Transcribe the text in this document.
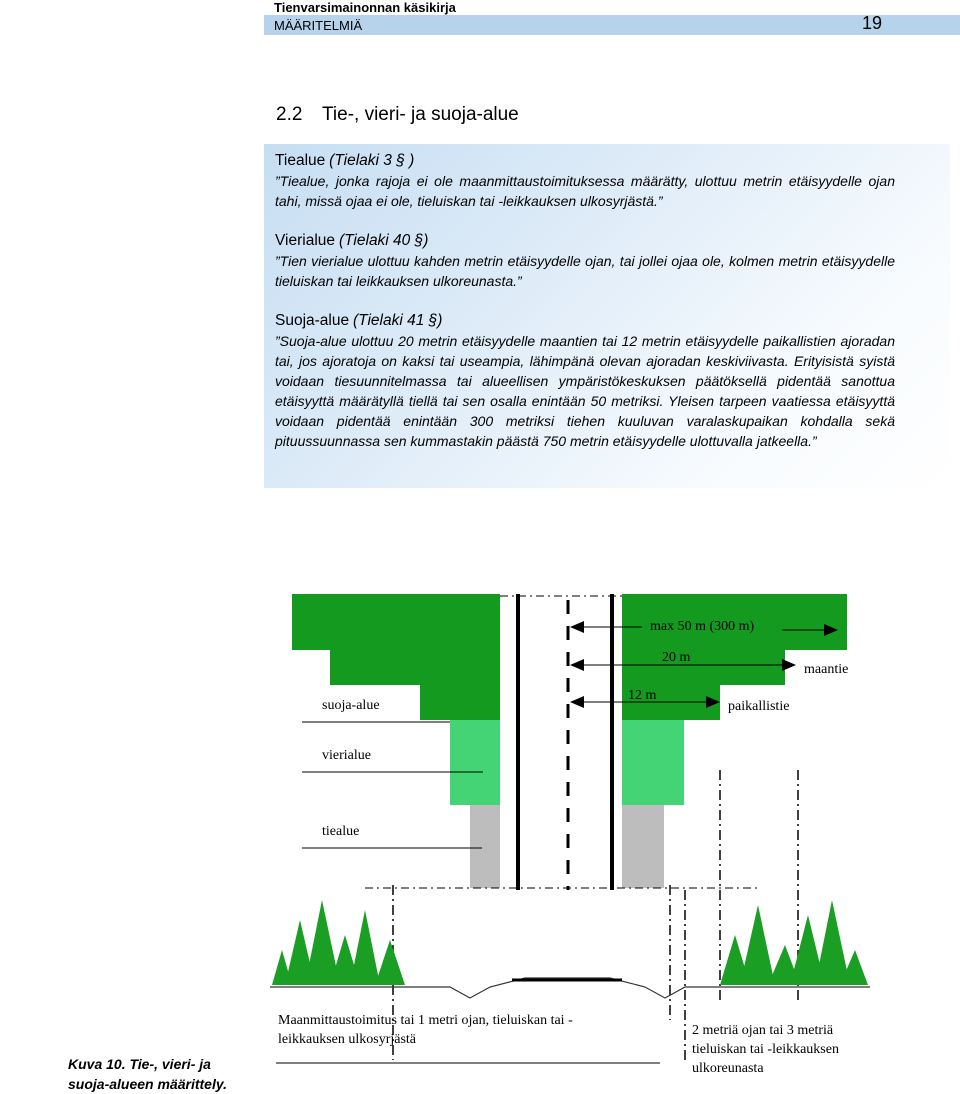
Tienvarsimainonnan käsikirja
MÄÄRITELMIÄ	19
2.2 Tie-, vieri- ja suoja-alue
Tiealue (Tielaki 3 § )

”Tiealue, jonka rajoja ei ole maanmittaustoimituksessa määrätty, ulottuu metrin etäisyydelle ojan tahi, missä ojaa ei ole, tieluiskan tai -leikkauksen ulkosyrjästä.”

Vierialue (Tielaki 40 §)

”Tien vierialue ulottuu kahden metrin etäisyydelle ojan, tai jollei ojaa ole, kolmen metrin etäisyydelle tieluiskan tai leikkauksen ulkoreunasta.”

Suoja-alue (Tielaki 41 §)

”Suoja-alue ulottuu 20 metrin etäisyydelle maantien tai 12 metrin etäisyydelle paikallistien ajoradan tai, jos ajoratoja on kaksi tai useampia, lähimpänä olevan ajoradan keskiviivasta. Erityisistä syistä voidaan tiesuunnitelmassa tai alueellisen ympäristökeskuksen päätöksellä pidentää sanottua etäisyyttä määrätyllä tiellä tai sen osalla enintään 50 metriksi. Yleisen tarpeen vaatiessa etäisyyttä voidaan pidentää enintään 300 metriksi tiehen kuuluvan varalaskupaikan kohdalla sekä pituussuunnassa sen kummastakin päästä 750 metrin etäisyydelle ulottuvalla jatkeella.”

max 50 m (300 m)
20 m
maantie
12 m
paikallistie
suoja-alue
vierialue
tiealue
Maanmittaustoimitus tai 1 metri ojan, tieluiskan tai -
leikkauksen ulkosyrjästä
2 metriä ojan tai 3 metriä
tieluiskan tai -leikkauksen
ulkoreunasta
Kuva 10. Tie-, vieri- ja
suoja-alueen määrittely.
